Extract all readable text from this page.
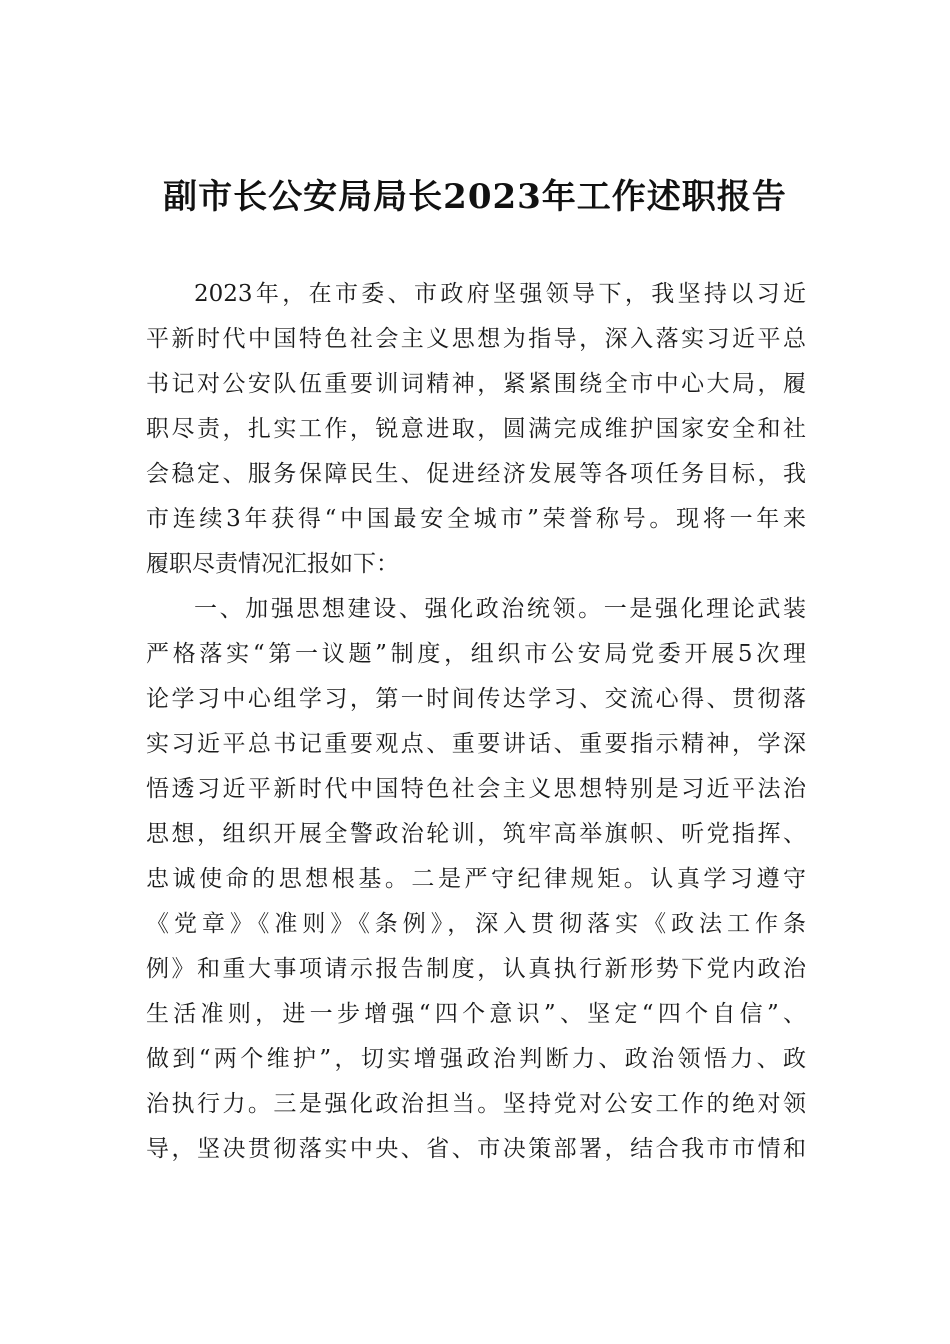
副市长公安局局长2023年工作述职报告
2023年，在市委、市政府坚强领导下，我坚持以习近
平新时代中国特色社会主义思想为指导，深入落实习近平总
书记对公安队伍重要训词精神，紧紧围绕全市中心大局，履
职尽责，扎实工作，锐意进取，圆满完成维护国家安全和社
会稳定、服务保障民生、促进经济发展等各项任务目标，我
市连续3年获得“中国最安全城市”荣誉称号。现将一年来
履职尽责情况汇报如下：
一、加强思想建设、强化政治统领。一是强化理论武装
严格落实“第一议题”制度，组织市公安局党委开展5次理
论学习中心组学习，第一时间传达学习、交流心得、贯彻落
实习近平总书记重要观点、重要讲话、重要指示精神，学深
悟透习近平新时代中国特色社会主义思想特别是习近平法治
思想，组织开展全警政治轮训，筑牢高举旗帜、听党指挥、
忠诚使命的思想根基。二是严守纪律规矩。认真学习遵守
《党章》《准则》《条例》，深入贯彻落实《政法工作条
例》和重大事项请示报告制度，认真执行新形势下党内政治
生活准则，进一步增强“四个意识”、坚定“四个自信”、
做到“两个维护”，切实增强政治判断力、政治领悟力、政
治执行力。三是强化政治担当。坚持党对公安工作的绝对领
导，坚决贯彻落实中央、省、市决策部署，结合我市市情和
